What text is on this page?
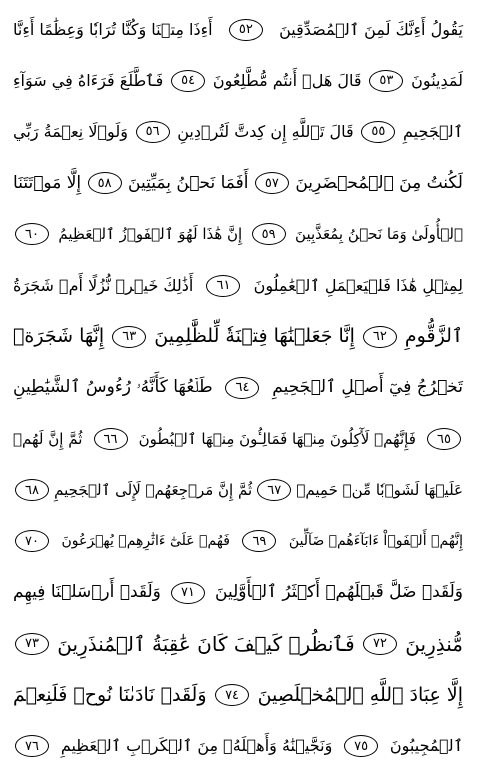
يَقُولُ أَءِنَّكَ لَمِنَ ٱلۡمُصَدِّقِينَ
٥٢
أَءِذَا مِتۡنَا وَكُنَّا تُرَابٗا وَعِظَٰمًا أَءِنَّا
لَمَدِينُونَ
٥٣
قَالَ هَلۡ أَنتُم مُّطَّلِعُونَ
٥٤
فَٱطَّلَعَ فَرَءَاهُ فِي سَوَآءِ
ٱلۡجَحِيمِ
٥٥
قَالَ تَٱللَّهِ إِن كِدتَّ لَتُرۡدِينِ
٥٦
وَلَوۡلَا نِعۡمَةُ رَبِّي
لَكُنتُ مِنَ ٱلۡمُحۡضَرِينَ
٥٧
أَفَمَا نَحۡنُ بِمَيِّتِينَ
٥٨
إِلَّا مَوۡتَتَنَا
ٱلۡأُولَىٰ وَمَا نَحۡنُ بِمُعَذَّبِينَ
٥٩
إِنَّ هَٰذَا لَهُوَ ٱلۡفَوۡزُ ٱلۡعَظِيمُ
٦٠
لِمِثۡلِ هَٰذَا فَلۡيَعۡمَلِ ٱلۡعَٰمِلُونَ
٦١
أَذَٰلِكَ خَيۡرٞ نُّزُلًا أَمۡ شَجَرَةُ
ٱلزَّقُّومِ
٦٢
إِنَّا جَعَلۡنَٰهَا فِتۡنَةٗ لِّلظَّٰلِمِينَ
٦٣
إِنَّهَا شَجَرَةٞ
تَخۡرُجُ فِيٓ أَصۡلِ ٱلۡجَحِيمِ
٦٤
طَلۡعُهَا كَأَنَّهُۥ رُءُوسُ ٱلشَّيَٰطِينِ
٦٥
فَإِنَّهُمۡ لَأٓكِلُونَ مِنۡهَا فَمَالِـُٔونَ مِنۡهَا ٱلۡبُطُونَ
٦٦
ثُمَّ إِنَّ لَهُمۡ
عَلَيۡهَا لَشَوۡبٗا مِّنۡ حَمِيمٖ
٦٧
ثُمَّ إِنَّ مَرۡجِعَهُمۡ لَإِلَى ٱلۡجَحِيمِ
٦٨
إِنَّهُمۡ أَلۡفَوۡاْ ءَابَآءَهُمۡ ضَآلِّينَ
٦٩
فَهُمۡ عَلَىٰٓ ءَاثَٰرِهِمۡ يُهۡرَعُونَ
٧٠
وَلَقَدۡ ضَلَّ قَبۡلَهُمۡ أَكۡثَرُ ٱلۡأَوَّلِينَ
٧١
وَلَقَدۡ أَرۡسَلۡنَا فِيهِم
مُّنذِرِينَ
٧٢
فَٱنظُرۡ كَيۡفَ كَانَ عَٰقِبَةُ ٱلۡمُنذَرِينَ
٧٣
إِلَّا عِبَادَ ٱللَّهِ ٱلۡمُخۡلَصِينَ
٧٤
وَلَقَدۡ نَادَىٰنَا نُوحٞ فَلَنِعۡمَ
ٱلۡمُجِيبُونَ
٧٥
وَنَجَّيۡنَٰهُ وَأَهۡلَهُۥ مِنَ ٱلۡكَرۡبِ ٱلۡعَظِيمِ
٧٦
